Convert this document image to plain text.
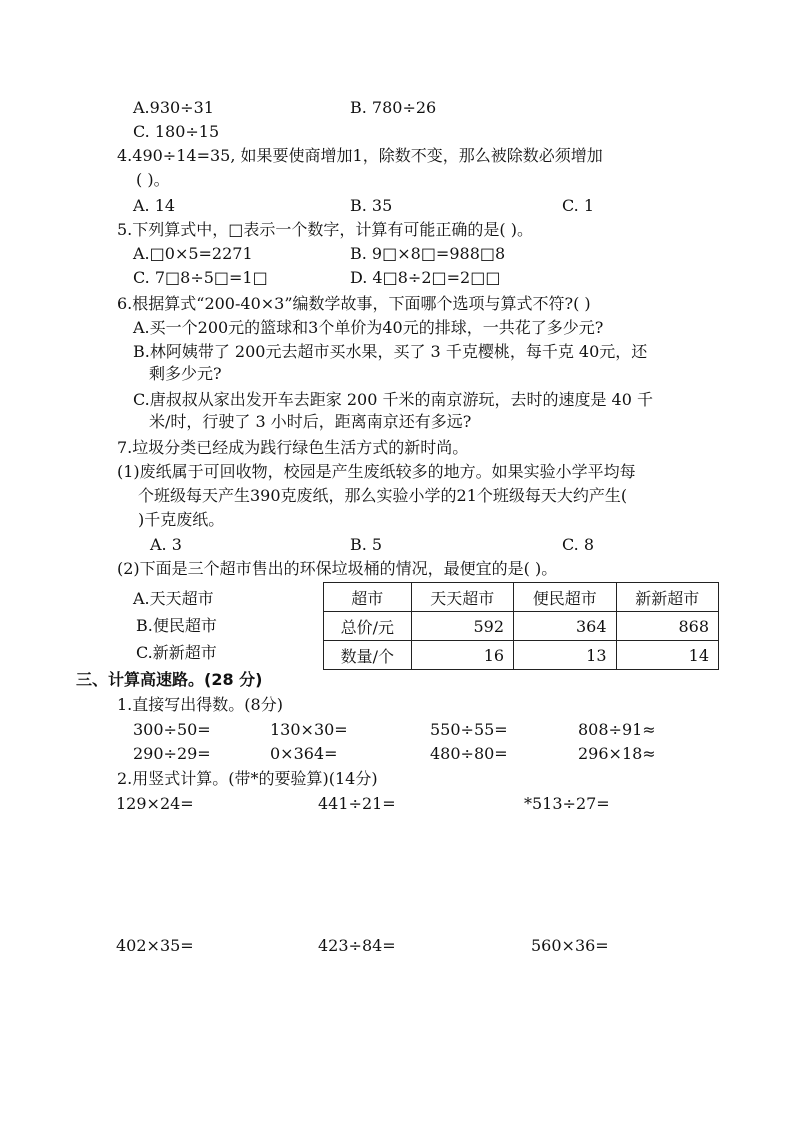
A.930÷31	B. 780÷26
C. 180÷15
4.490÷14=35, 如果要使商增加1，除数不变，那么被除数必须增加
( )。
A. 14	B. 35	C. 1
5.下列算式中，□表示一个数字，计算有可能正确的是( )。
A.□0×5=2271	B. 9□×8□=988□8
C. 7□8÷5□=1□	D. 4□8÷2□=2□□
6.根据算式“200-40×3”编数学故事，下面哪个选项与算式不符?( )
A.买一个200元的篮球和3个单价为40元的排球，一共花了多少元?
B.林阿姨带了 200元去超市买水果，买了 3 千克樱桃，每千克 40元，还
剩多少元?
C.唐叔叔从家出发开车去距家 200 千米的南京游玩，去时的速度是 40 千
米/时，行驶了 3 小时后，距离南京还有多远?
7.垃圾分类已经成为践行绿色生活方式的新时尚。
(1)废纸属于可回收物，校园是产生废纸较多的地方。如果实验小学平均每
个班级每天产生390克废纸，那么实验小学的21个班级每天大约产生(
)千克废纸。
A. 3	B. 5	C. 8
(2)下面是三个超市售出的环保垃圾桶的情况，最便宜的是( )。
A.天天超市
B.便民超市
C.新新超市
超市	天天超市	便民超市	新新超市
总价/元	592	364	868
数量/个	16	13	14
三、计算高速路。(28 分)
1.直接写出得数。(8分)
300÷50=	130×30=	550÷55=	808÷91≈
290÷29=	0×364=	480÷80=	296×18≈
2.用竖式计算。(带*的要验算)(14分)
129×24=	441÷21=	*513÷27=
402×35=	423÷84=	560×36=
